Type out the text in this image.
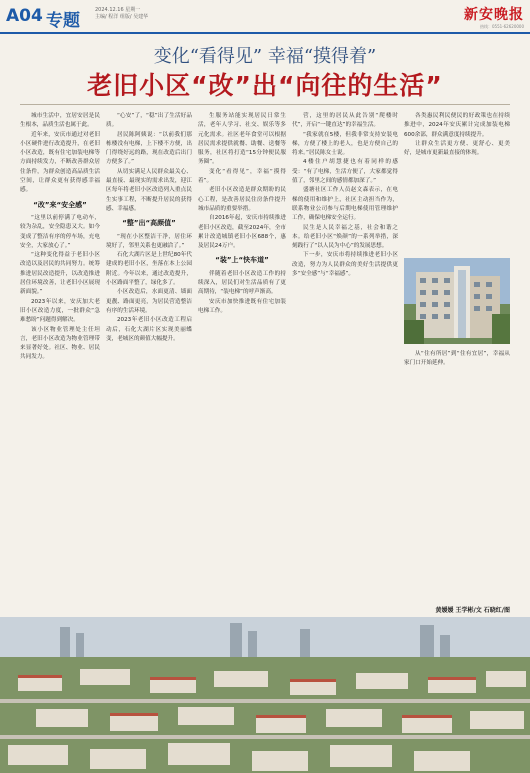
A04 专题
2024.12.16 星期一
主编/ 程洋 组版/ 吴建华	新安晚报
热线：0551-62620000
变化“看得见” 幸福“摸得着”
老旧小区“改”出“向往的生活”

城市生活中，宜居安居是民生根本，品质生活也属于此。

近年来，安庆市通过对老旧小区硬件进行改造提升，在老旧小区改造，既有住宅加装电梯等方面持续发力，不断改善群众居住条件，为群众创造高品质生活空间，让群众更有获得感幸福感。

“改”来“安全感”

“这里以前停满了电动车，较为杂乱，安全隐患又大。如今变成了整洁有序的停车场，充电安全，大家放心了。”

“这种变化得益于老旧小区改造以及居民的共同努力。统筹推进居民改造提升，以改造推进居住环境改善，让老旧小区展现新面貌。”

2023年以来，安庆加大老旧小区改造力度，一批群众“急难愁盼”问题得到解决。

该小区物业管理处主任坦言，老旧小区改造为物业管理带来显著好处。社区、物业、居民共同发力。

“心安”了，“稳”出了生活好品质。

居民陈阿姨说：“以前我们那栋楼没有电梯，上下楼不方便，出门得绕好远的路，现在改造后出门方便多了。”

从切实满足人民群众最关心、最直接、最现实的需求出发，迎江区每年将老旧小区改造列入重点民生实事工程，不断提升居民的获得感、幸福感。

“整”出“高颜值”

“现在小区整洁干净，居住环境好了，邻里关系也更融洽了。”

石化大湖片区是上世纪80年代建成的老旧小区，坐落在本上公园附近。今年以来，通过改造提升，小区路面平整了，绿化多了。

小区改造后，水面更清、墙面更靓、路面更亮，为居民营造整洁有序的生活环境。

2023年老旧小区改造工程启动后，石化大湖片区实现美丽蝶变，老城区的颜值大幅提升。

生服务站能实现居民日常生活，老年人学习、社交、娱乐等多元化需求。社区老年食堂可以根据居民需求提供就餐、助餐、送餐等服务，社区将打造“15分钟便民服务圈”。

变化“看得见”，幸福“摸得着”。

老旧小区改造是群众期盼的民心工程，是改善居民住房条件提升城市品质的重要举措。

自2016年起，安庆市持续推进老旧小区改造，截至2024年，全市累计改造城镇老旧小区688个，惠及居民24万户。

“装”上“快车道”

伴随着老旧小区改造工作的持续深入，居民们对生活品质有了更高期待，“装电梯”的呼声渐高。

安庆市加快推进既有住宅加装电梯工作。

营，这里的居民从此告别“爬楼时代”，开启“一键直达”的幸福生活。

“我家就在5楼，但我非常支持安装电梯，方便了楼上的老人，也是方便自己的将来。”居民陈女士说。

4楼住户胡慧捷也有着同样的感受：“有了电梯，生活方便了，大家都觉得值了，邻里之间的感情都加深了。”

盛塘社区工作人员赵文森表示，在电梯的使用和维护上，社区主动担当作为，联系物业公司参与后期电梯使用管理维护工作，确保电梯安全运行。

民生是人民幸福之基，社会和谐之本。给老旧小区“焕颜”的一系列举措，深刻践行了“以人民为中心”的发展思想。

下一步，安庆市将持续推进老旧小区改造，努力为人民群众的美好生活提供更多“安全感”与“幸福感”。

各类惠民利民便民的好政策也在持续推进中，2024年安庆累计完成加装电梯600余部，群众满意度持续提升。

让群众生活更方便、更舒心、更美好，是城市更新最直接的体现。

从“住有所居”到“住有宜居”，幸福从家门口开始延伸。

黄媛媛 王学彬/文 石晓红/图
